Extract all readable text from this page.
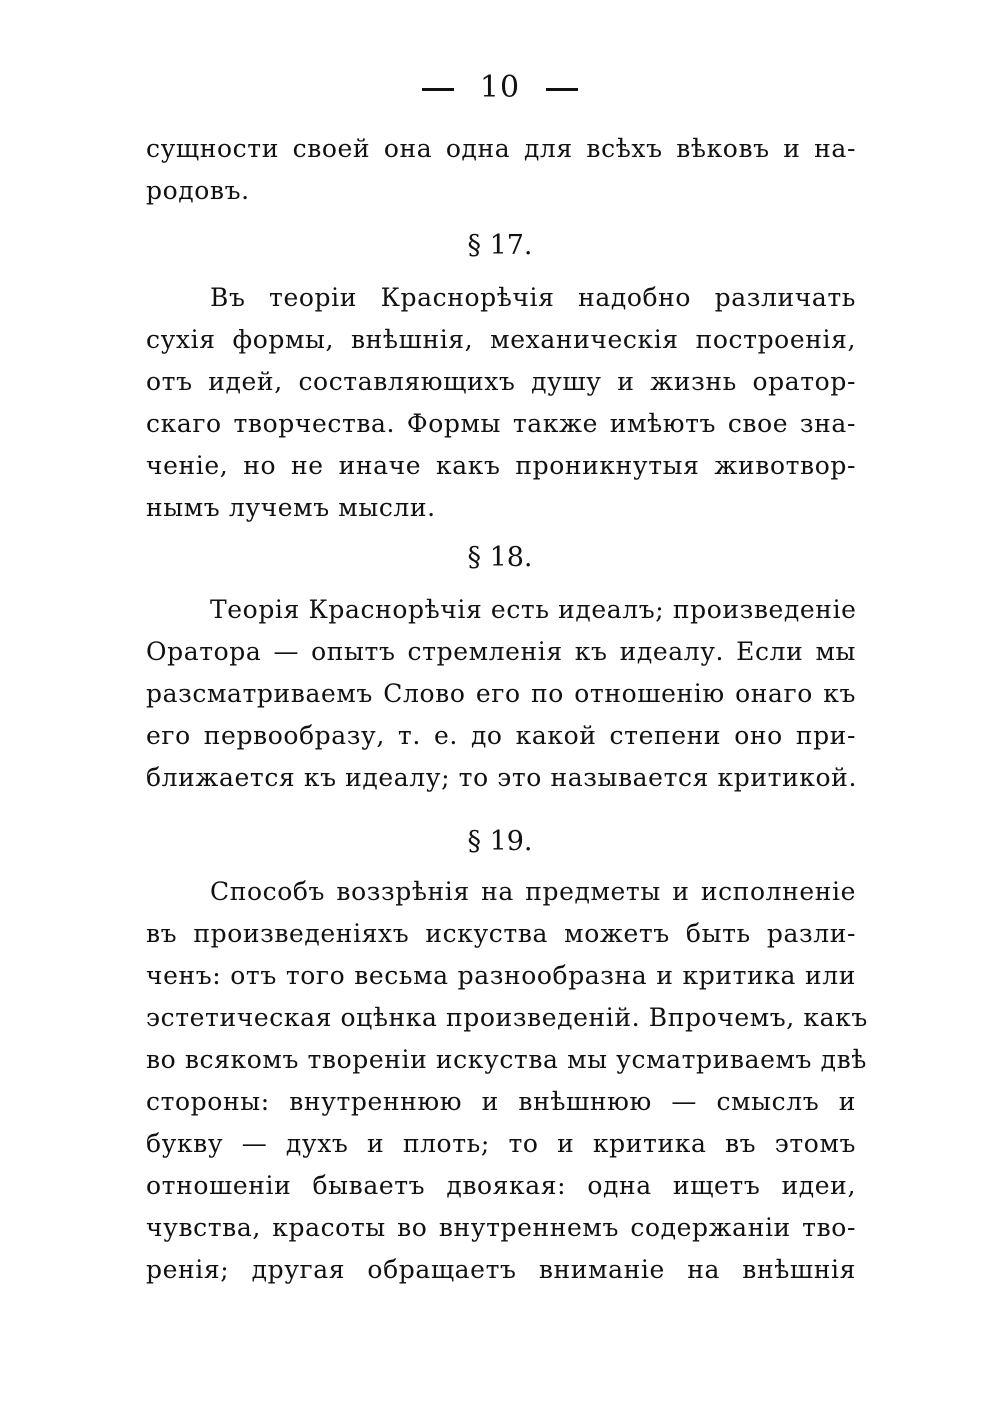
10
сущности своей она одна для всѣхъ вѣковъ и на-
родовъ.
§ 17.
Въ теоріи Краснорѣчія надобно различать
сухія формы, внѣшнія, механическія построенія,
отъ идей, составляющихъ душу и жизнь оратор-
скаго творчества. Формы также имѣютъ свое зна-
ченіе, но не иначе какъ проникнутыя животвор-
нымъ лучемъ мысли.
§ 18.
Теорія Краснорѣчія есть идеалъ; произведеніе
Оратора — опытъ стремленія къ идеалу. Если мы
разсматриваемъ Слово его по отношенію онаго къ
его первообразу, т. е. до какой степени оно при-
ближается къ идеалу; то это называется критикой.
§ 19.
Способъ воззрѣнія на предметы и исполненіе
въ произведеніяхъ искуства можетъ быть разли-
ченъ: отъ того весьма разнообразна и критика или
эстетическая оцѣнка произведеній. Впрочемъ, какъ
во всякомъ твореніи искуства мы усматриваемъ двѣ
стороны: внутреннюю и внѣшнюю — смыслъ и
букву — духъ и плоть; то и критика въ этомъ
отношеніи бываетъ двоякая: одна ищетъ идеи,
чувства, красоты во внутреннемъ содержаніи тво-
ренія; другая обращаетъ вниманіе на внѣшнія
